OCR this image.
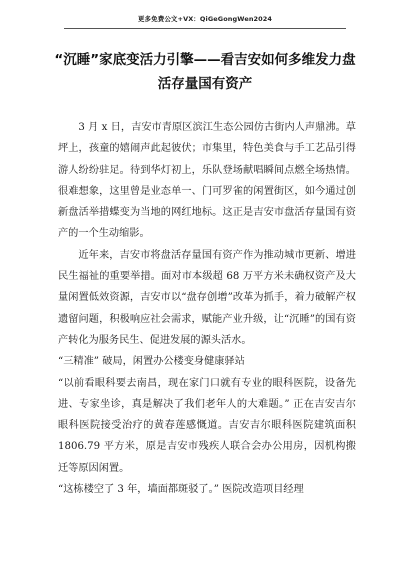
更多免费公文+VX：QiGeGongWen2024
“沉睡”家底变活力引擎——看吉安如何多维发力盘
活存量国有资产

3 月 x 日，吉安市青原区滨江生态公园仿古街内人声鼎沸。草坪上，孩童的嬉闹声此起彼伏；市集里，特色美食与手工艺品引得游人纷纷驻足。待到华灯初上，乐队登场献唱瞬间点燃全场热情。很难想象，这里曾是业态单一、门可罗雀的闲置街区，如今通过创新盘活举措蝶变为当地的网红地标。这正是吉安市盘活存量国有资产的一个生动缩影。

近年来，吉安市将盘活存量国有资产作为推动城市更新、增进民生福祉的重要举措。面对市本级超 68 万平方米未确权资产及大量闲置低效资源，吉安市以“盘存创增”改革为抓手，着力破解产权遗留问题，积极响应社会需求，赋能产业升级，让“沉睡”的国有资产转化为服务民生、促进发展的源头活水。

“三精准” 破局，闲置办公楼变身健康驿站

“以前看眼科要去南昌，现在家门口就有专业的眼科医院，设备先进、专家坐诊，真是解决了我们老年人的大难题。” 正在吉安吉尔眼科医院接受治疗的黄春莲感慨道。吉安吉尔眼科医院建筑面积 1806.79 平方米，原是吉安市残疾人联合会办公用房，因机构搬迁等原因闲置。

“这栋楼空了 3 年，墙面都斑驳了。” 医院改造项目经理
